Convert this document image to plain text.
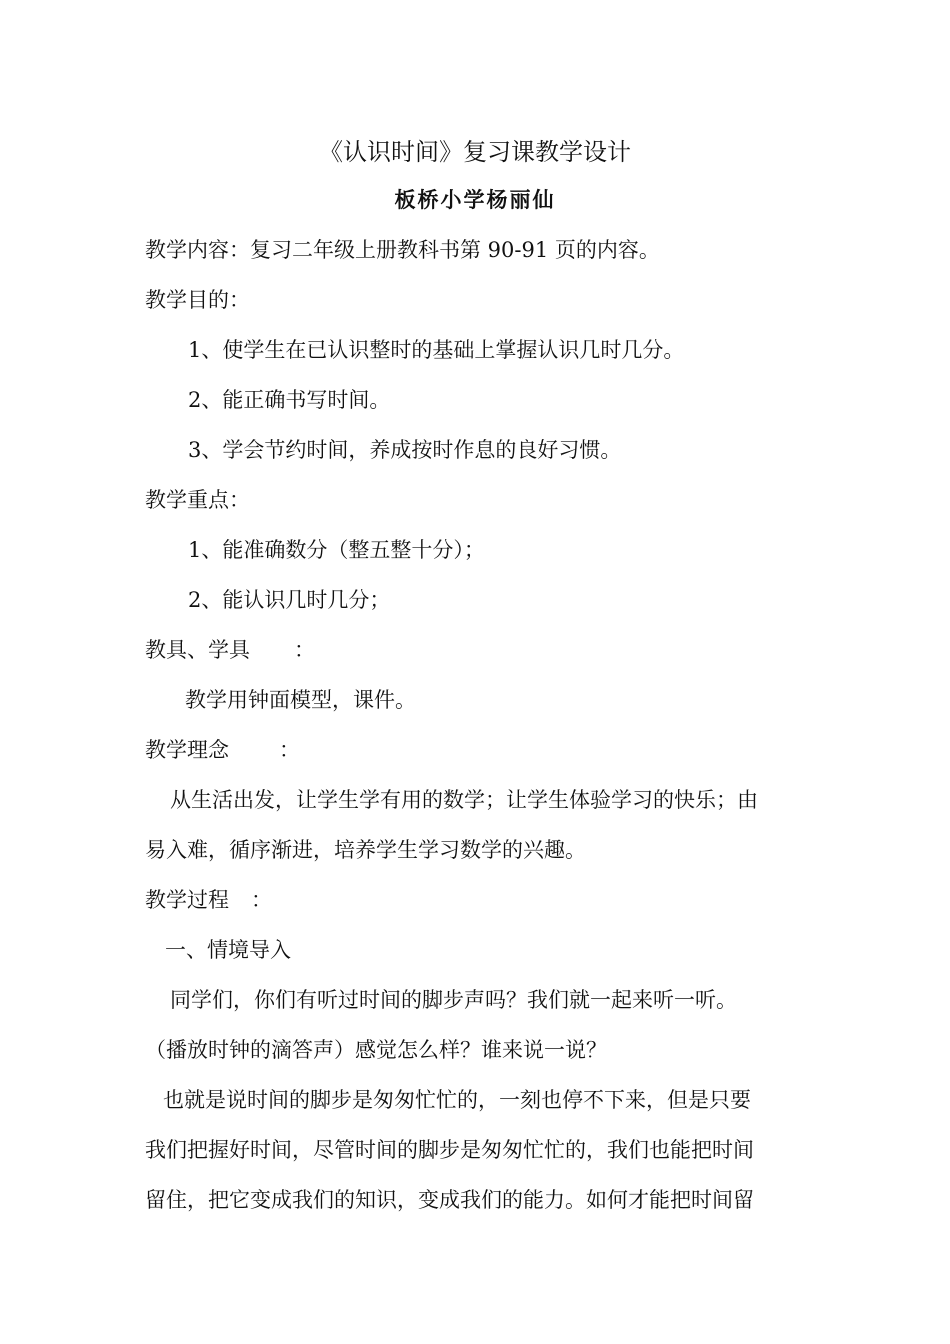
《认识时间》复习课教学设计
板桥小学杨丽仙
教学内容：复习二年级上册教科书第 90-91 页的内容。
教学目的：
1、使学生在已认识整时的基础上掌握认识几时几分。
2、能正确书写时间。
3、学会节约时间，养成按时作息的良好习惯。
教学重点：
1、能准确数分（整五整十分）；
2、能认识几时几分；
教具、学具 ：
教学用钟面模型，课件。
教学理念 ：
从生活出发，让学生学有用的数学；让学生体验学习的快乐；由
易入难，循序渐进，培养学生学习数学的兴趣。
教学过程 ：
一、情境导入
同学们，你们有听过时间的脚步声吗？我们就一起来听一听。
（播放时钟的滴答声）感觉怎么样？谁来说一说？
也就是说时间的脚步是匆匆忙忙的，一刻也停不下来，但是只要
我们把握好时间，尽管时间的脚步是匆匆忙忙的，我们也能把时间
留住，把它变成我们的知识，变成我们的能力。如何才能把时间留
